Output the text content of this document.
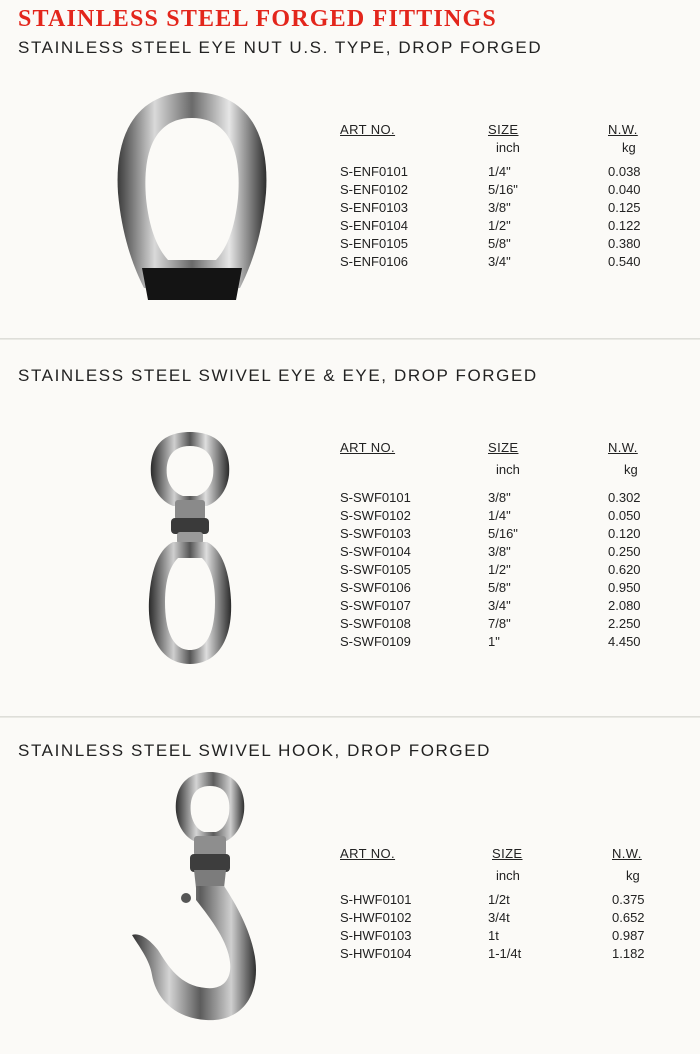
STAINLESS STEEL FORGED FITTINGS
STAINLESS STEEL EYE NUT U.S. TYPE, DROP FORGED
ART NO.	SIZE	N.W.
inch	kg
S-ENF0101	1/4"	0.038
S-ENF0102	5/16"	0.040
S-ENF0103	3/8"	0.125
S-ENF0104	1/2"	0.122
S-ENF0105	5/8"	0.380
S-ENF0106	3/4"	0.540
STAINLESS STEEL SWIVEL EYE & EYE, DROP FORGED
ART NO.	SIZE	N.W.
inch	kg
S-SWF0101	3/8"	0.302
S-SWF0102	1/4"	0.050
S-SWF0103	5/16"	0.120
S-SWF0104	3/8"	0.250
S-SWF0105	1/2"	0.620
S-SWF0106	5/8"	0.950
S-SWF0107	3/4"	2.080
S-SWF0108	7/8"	2.250
S-SWF0109	1"	4.450
STAINLESS STEEL SWIVEL HOOK, DROP FORGED
ART NO.	SIZE	N.W.
inch	kg
S-HWF0101	1/2t	0.375
S-HWF0102	3/4t	0.652
S-HWF0103	1t	0.987
S-HWF0104	1-1/4t	1.182
